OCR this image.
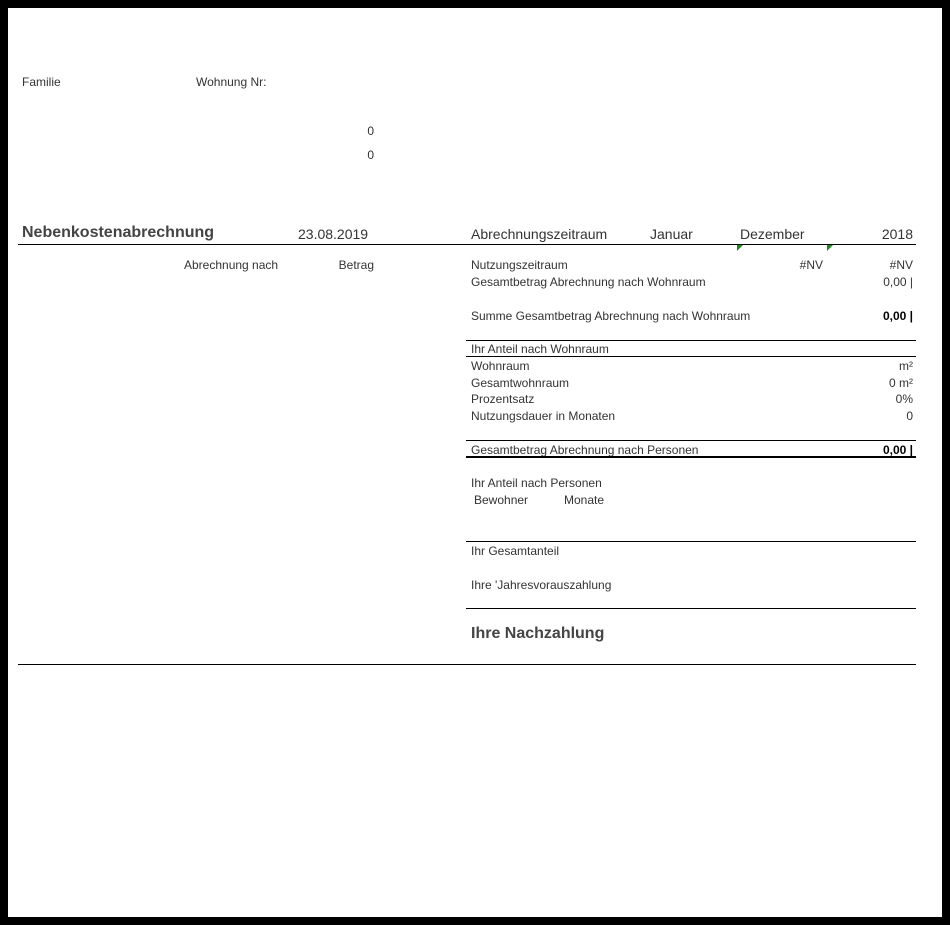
Familie	Wohnung Nr:
0
0
Nebenkostenabrechnung	23.08.2019	Abrechnungszeitraum	Januar	Dezember	2018
Abrechnung nach	Betrag	Nutzungszeitraum	#NV	#NV
Gesamtbetrag Abrechnung nach Wohnraum	0,00 |
Summe Gesamtbetrag Abrechnung nach Wohnraum	0,00 |
Ihr Anteil nach Wohnraum
Wohnraum	m²
Gesamtwohnraum	0 m²
Prozentsatz	0%
Nutzungsdauer in Monaten	0
Gesamtbetrag Abrechnung nach Personen	0,00 |
Ihr Anteil nach Personen
Bewohner	Monate
Ihr Gesamtanteil
Ihre 'Jahresvorauszahlung
Ihre Nachzahlung
